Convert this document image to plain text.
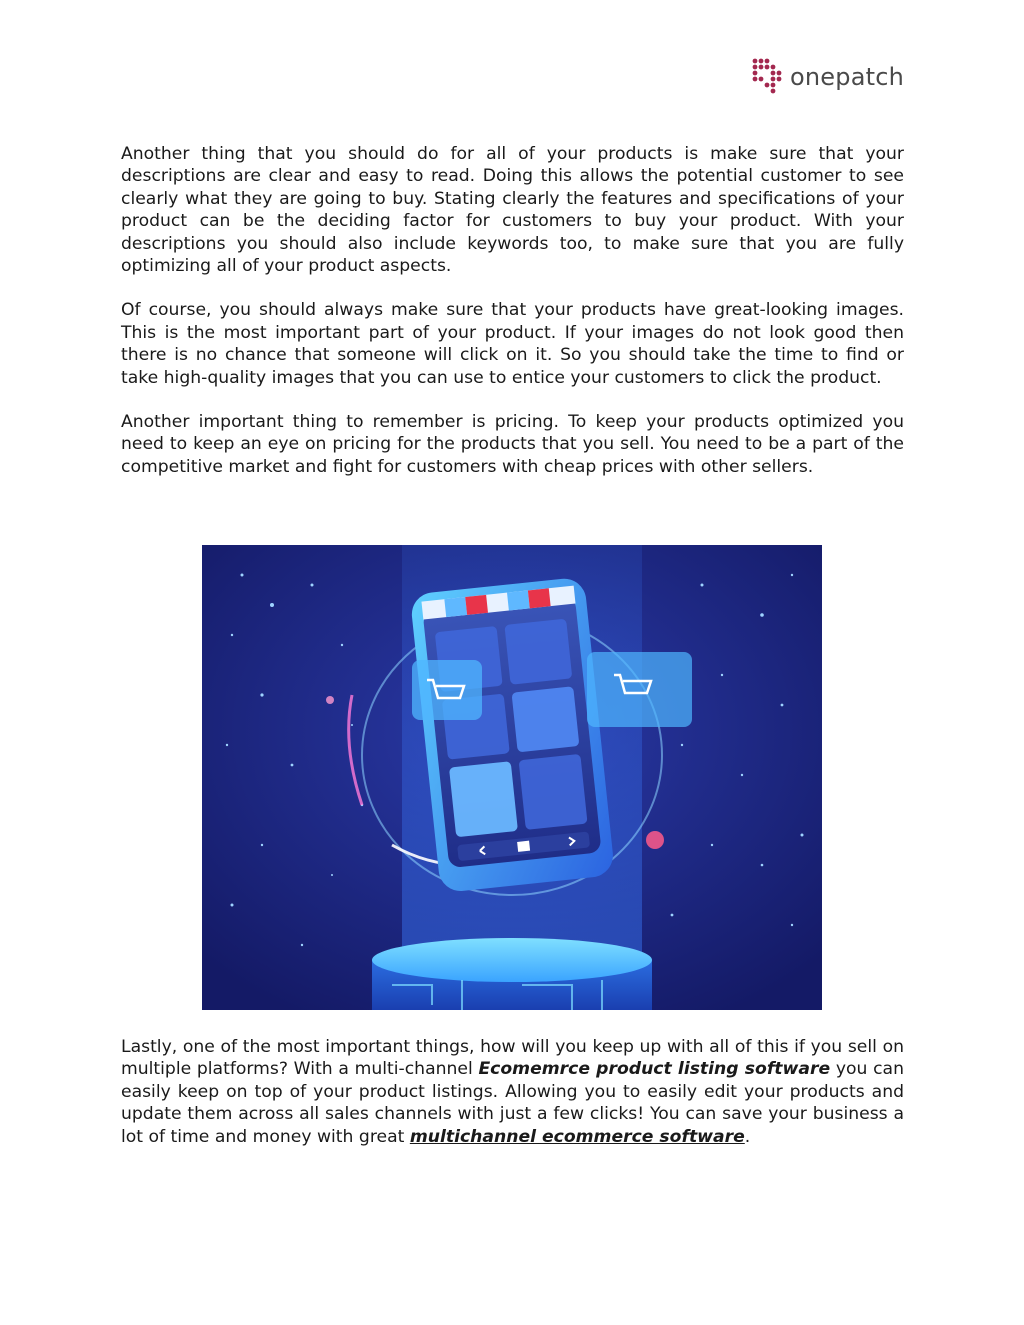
onepatch

Another thing that you should do for all of your products is make sure that your descriptions are clear and easy to read. Doing this allows the potential customer to see clearly what they are going to buy. Stating clearly the features and specifications of your product can be the deciding factor for customers to buy your product. With your descriptions you should also include keywords too, to make sure that you are fully optimizing all of your product aspects.

Of course, you should always make sure that your products have great-looking images. This is the most important part of your product. If your images do not look good then there is no chance that someone will click on it. So you should take the time to find or take high-quality images that you can use to entice your customers to click the product.

Another important thing to remember is pricing. To keep your products optimized you need to keep an eye on pricing for the products that you sell. You need to be a part of the competitive market and fight for customers with cheap prices with other sellers.

Lastly, one of the most important things, how will you keep up with all of this if you sell on multiple platforms? With a multi-channel Ecomemrce product listing software you can easily keep on top of your product listings. Allowing you to easily edit your products and update them across all sales channels with just a few clicks! You can save your business a lot of time and money with great multichannel ecommerce software.
